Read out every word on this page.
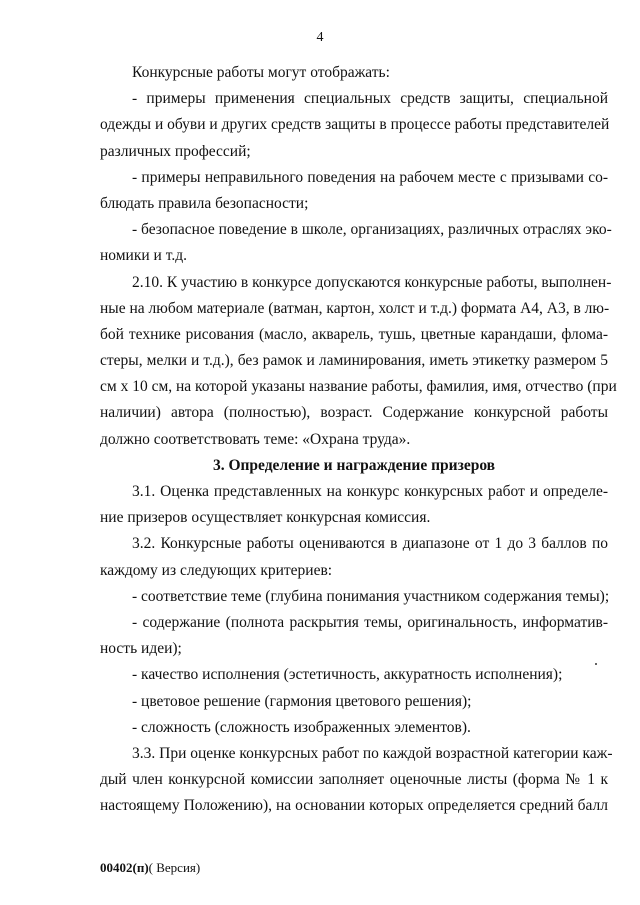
4
Конкурсные работы могут отображать:
- примеры применения специальных средств защиты, специальной
одежды и обуви и других средств защиты в процессе работы представителей
различных профессий;
- примеры неправильного поведения на рабочем месте с призывами со-
блюдать правила безопасности;
- безопасное поведение в школе, организациях, различных отраслях эко-
номики и т.д.
2.10. К участию в конкурсе допускаются конкурсные работы, выполнен-
ные на любом материале (ватман, картон, холст и т.д.) формата А4, А3, в лю-
бой технике рисования (масло, акварель, тушь, цветные карандаши, флома-
стеры, мелки и т.д.), без рамок и ламинирования, иметь этикетку размером 5
см х 10 см, на которой указаны название работы, фамилия, имя, отчество (при
наличии) автора (полностью), возраст. Содержание конкурсной работы
должно соответствовать теме: «Охрана труда».
3. Определение и награждение призеров
3.1. Оценка представленных на конкурс конкурсных работ и определе-
ние призеров осуществляет конкурсная комиссия.
3.2. Конкурсные работы оцениваются в диапазоне от 1 до 3 баллов по
каждому из следующих критериев:
- соответствие теме (глубина понимания участником содержания темы);
- содержание (полнота раскрытия темы, оригинальность, информатив-
ность идеи);
- качество исполнения (эстетичность, аккуратность исполнения);
- цветовое решение (гармония цветового решения);
- сложность (сложность изображенных элементов).
3.3. При оценке конкурсных работ по каждой возрастной категории каж-
дый член конкурсной комиссии заполняет оценочные листы (форма № 1 к
настоящему Положению), на основании которых определяется средний балл
00402(п)( Версия)
